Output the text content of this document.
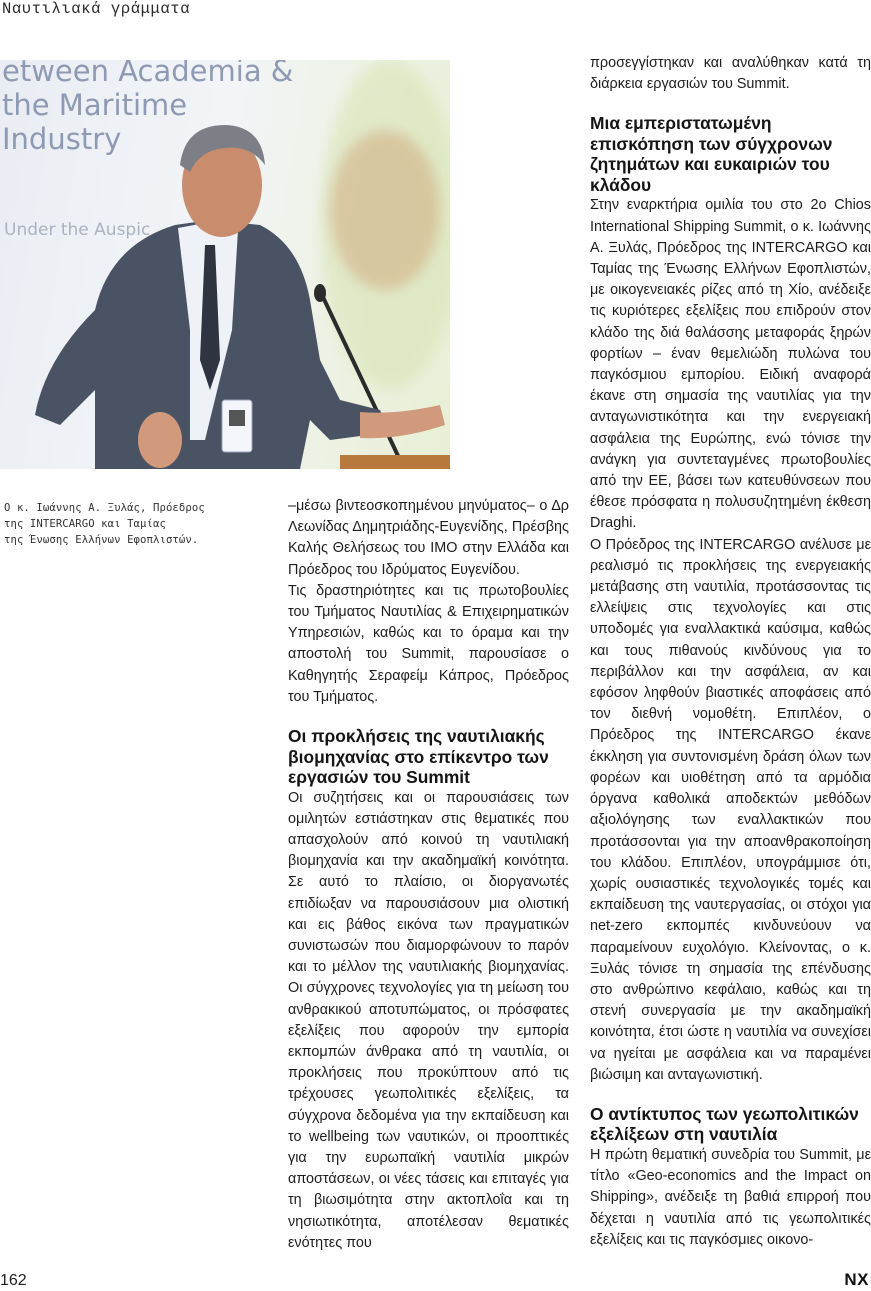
Ναυτιλιακά γράμματα
etween Academia & the Maritime Industry
Under the Auspic
Ο κ. Ιωάννης Α. Ξυλάς, Πρόεδρος
της INTERCARGO και Ταμίας
της Ένωσης Ελλήνων Εφοπλιστών.

–μέσω βιντεοσκοπημένου μηνύματος– ο Δρ Λεωνίδας Δημητριάδης-Ευγενίδης, Πρέσβης Καλής Θελήσεως του IMO στην Ελλάδα και Πρόεδρος του Ιδρύματος Ευγενίδου.

Τις δραστηριότητες και τις πρωτοβουλίες του Τμήματος Ναυτιλίας & Επιχειρηματικών Υπηρεσιών, καθώς και το όραμα και την αποστολή του Summit, παρουσίασε ο Καθηγητής Σεραφείμ Κάπρος, Πρόεδρος του Τμήματος.

Οι προκλήσεις της ναυτιλιακής βιομηχανίας στο επίκεντρο των εργασιών του Summit

Οι συζητήσεις και οι παρουσιάσεις των ομιλητών εστιάστηκαν στις θεματικές που απασχολούν από κοινού τη ναυτιλιακή βιομηχανία και την ακαδημαϊκή κοινότητα. Σε αυτό το πλαίσιο, οι διοργανωτές επιδίωξαν να παρουσιάσουν μια ολιστική και εις βάθος εικόνα των πραγματικών συνιστωσών που διαμορφώνουν το παρόν και το μέλλον της ναυτιλιακής βιομηχανίας. Οι σύγχρονες τεχνολογίες για τη μείωση του ανθρακικού αποτυπώματος, οι πρόσφατες εξελίξεις που αφορούν την εμπορία εκπομπών άνθρακα από τη ναυτιλία, οι προκλήσεις που προκύπτουν από τις τρέχουσες γεωπολιτικές εξελίξεις, τα σύγχρονα δεδομένα για την εκπαίδευση και το wellbeing των ναυτικών, οι προοπτικές για την ευρωπαϊκή ναυτιλία μικρών αποστάσεων, οι νέες τάσεις και επιταγές για τη βιωσιμότητα στην ακτοπλοΐα και τη νησιωτικότητα, αποτέλεσαν θεματικές ενότητες που

προσεγγίστηκαν και αναλύθηκαν κατά τη διάρκεια εργασιών του Summit.

Μια εμπεριστατωμένη επισκόπηση των σύγχρονων ζητημάτων και ευκαιριών του κλάδου

Στην εναρκτήρια ομιλία του στο 2ο Chios International Shipping Summit, ο κ. Ιωάννης Α. Ξυλάς, Πρόεδρος της INTERCARGO και Ταμίας της Ένωσης Ελλήνων Εφοπλιστών, με οικογενειακές ρίζες από τη Χίο, ανέδειξε τις κυριότερες εξελίξεις που επιδρούν στον κλάδο της διά θαλάσσης μεταφοράς ξηρών φορτίων – έναν θεμελιώδη πυλώνα του παγκόσμιου εμπορίου. Ειδική αναφορά έκανε στη σημασία της ναυτιλίας για την ανταγωνιστικότητα και την ενεργειακή ασφάλεια της Ευρώπης, ενώ τόνισε την ανάγκη για συντεταγμένες πρωτοβουλίες από την ΕΕ, βάσει των κατευθύνσεων που έθεσε πρόσφατα η πολυσυζητημένη έκθεση Draghi.

Ο Πρόεδρος της INTERCARGO ανέλυσε με ρεαλισμό τις προκλήσεις της ενεργειακής μετάβασης στη ναυτιλία, προτάσσοντας τις ελλείψεις στις τεχνολογίες και στις υποδομές για εναλλακτικά καύσιμα, καθώς και τους πιθανούς κινδύνους για το περιβάλλον και την ασφάλεια, αν και εφόσον ληφθούν βιαστικές αποφάσεις από τον διεθνή νομοθέτη. Επιπλέον, ο Πρόεδρος της INTERCARGO έκανε έκκληση για συντονισμένη δράση όλων των φορέων και υιοθέτηση από τα αρμόδια όργανα καθολικά αποδεκτών μεθόδων αξιολόγησης των εναλλακτικών που προτάσσονται για την απoανθρακοποίηση του κλάδου. Επιπλέον, υπογράμμισε ότι, χωρίς ουσιαστικές τεχνολογικές τομές και εκπαίδευση της ναυτεργασίας, οι στόχοι για net-zero εκπομπές κινδυνεύουν να παραμείνουν ευχολόγιο. Κλείνοντας, ο κ. Ξυλάς τόνισε τη σημασία της επένδυσης στο ανθρώπινο κεφάλαιο, καθώς και τη στενή συνεργασία με την ακαδημαϊκή κοινότητα, έτσι ώστε η ναυτιλία να συνεχίσει να ηγείται με ασφάλεια και να παραμένει βιώσιμη και ανταγωνιστική.

Ο αντίκτυπος των γεωπολιτικών εξελίξεων στη ναυτιλία

Η πρώτη θεματική συνεδρία του Summit, με τίτλο «Geo-economics and the Impact on Shipping», ανέδειξε τη βαθιά επιρροή που δέχεται η ναυτιλία από τις γεωπολιτικές εξελίξεις και τις παγκόσμιες οικονο-

162	NX
